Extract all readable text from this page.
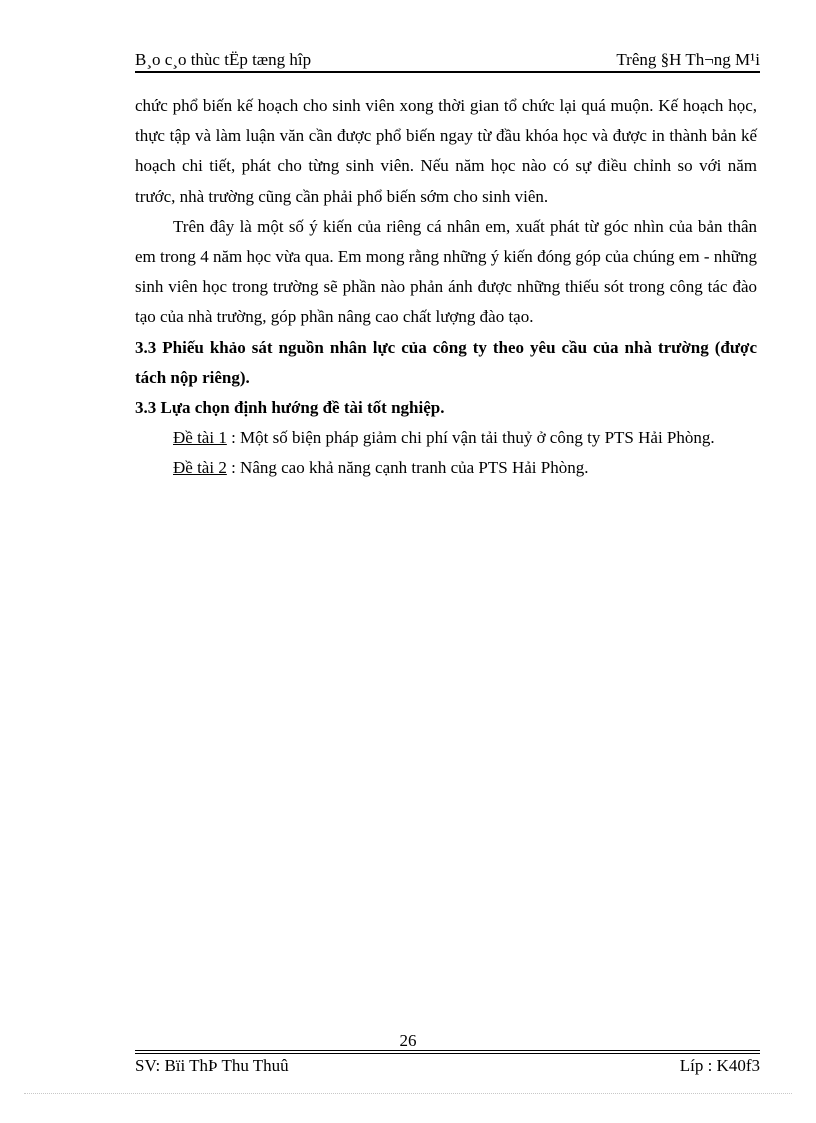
B¸o c¸o thùc tËp tæng hîp	Trêng §H Th¬ng M¹i

chức phổ biến kế hoạch cho sinh viên xong thời gian tổ chức lại quá muộn. Kế hoạch học, thực tập và làm luận văn cần được phổ biến ngay từ đầu khóa học và được in thành bản kế hoạch chi tiết, phát cho từng sinh viên. Nếu năm học nào có sự điều chỉnh so với năm trước, nhà trường cũng cần phải phổ biến sớm cho sinh viên.

Trên đây là một số ý kiến của riêng cá nhân em, xuất phát từ góc nhìn của bản thân em trong 4 năm học vừa qua. Em mong rằng những ý kiến đóng góp của chúng em - những sinh viên học trong trường sẽ phần nào phản ánh được những thiếu sót trong công tác đào tạo của nhà trường, góp phần nâng cao chất lượng đào tạo.

3.3 Phiếu khảo sát nguồn nhân lực của công ty theo yêu cầu của nhà trường (được tách nộp riêng).

3.3 Lựa chọn định hướng đề tài tốt nghiệp.

Đề tài 1 : Một số biện pháp giảm chi phí vận tải thuỷ ở công ty PTS Hải Phòng.

Đề tài 2 : Nâng cao khả năng cạnh tranh của PTS Hải Phòng.

26
SV: Bïi ThÞ Thu Thuû	Líp : K40f3
